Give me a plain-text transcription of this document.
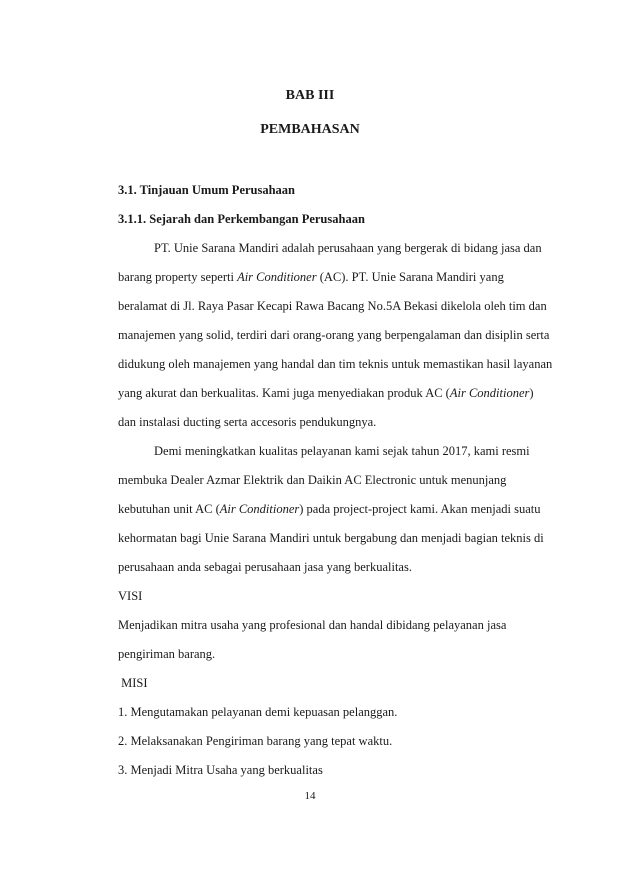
BAB III

PEMBAHASAN

3.1. Tinjauan Umum Perusahaan

3.1.1. Sejarah dan Perkembangan Perusahaan

PT. Unie Sarana Mandiri adalah perusahaan yang bergerak di bidang jasa dan

barang property seperti Air Conditioner (AC). PT. Unie Sarana Mandiri yang

beralamat di Jl. Raya Pasar Kecapi Rawa Bacang No.5A Bekasi dikelola oleh tim dan

manajemen yang solid, terdiri dari orang-orang yang berpengalaman dan disiplin serta

didukung oleh manajemen yang handal dan tim teknis untuk memastikan hasil layanan

yang akurat dan berkualitas. Kami juga menyediakan produk AC (Air Conditioner)

dan instalasi ducting serta accesoris pendukungnya.

Demi meningkatkan kualitas pelayanan kami sejak tahun 2017, kami resmi

membuka Dealer Azmar Elektrik dan Daikin AC Electronic untuk menunjang

kebutuhan unit AC (Air Conditioner) pada project-project kami. Akan menjadi suatu

kehormatan bagi Unie Sarana Mandiri untuk bergabung dan menjadi bagian teknis di

perusahaan anda sebagai perusahaan jasa yang berkualitas.

VISI

Menjadikan mitra usaha yang profesional dan handal dibidang pelayanan jasa

pengiriman barang.

MISI

1. Mengutamakan pelayanan demi kepuasan pelanggan.

2. Melaksanakan Pengiriman barang yang tepat waktu.

3. Menjadi Mitra Usaha yang berkualitas

14
